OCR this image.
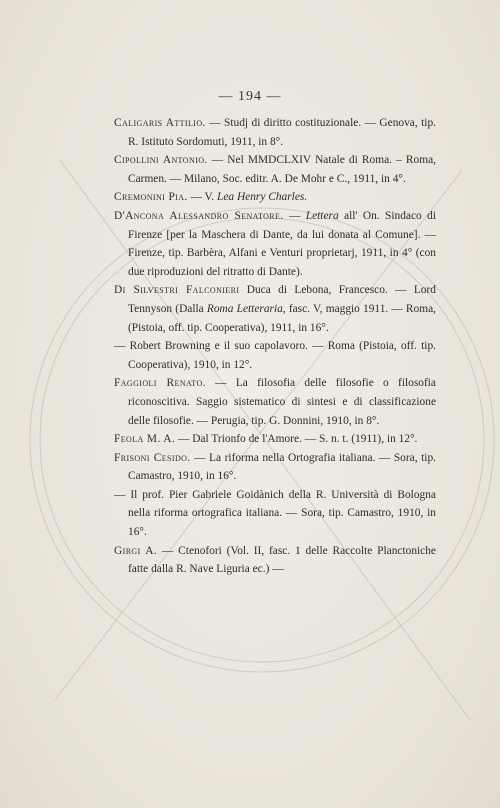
— 194 —

Caligaris Attilio. — Studj di diritto costituzionale. — Genova, tip. R. Istituto Sordomuti, 1911, in 8°.

Cipollini Antonio. — Nel MMDCLXIV Natale di Roma. – Roma, Carmen. — Milano, Soc. editr. A. De Mohr e C., 1911, in 4°.

Cremonini Pia. — V. Lea Henry Charles.

D'Ancona Alessandro Senatore. — Lettera all' On. Sindaco di Firenze [per la Maschera di Dante, da lui donata al Comune]. — Firenze, tip. Barbèra, Alfani e Venturi proprietarj, 1911, in 4° (con due riproduzioni del ritratto di Dante).

Di Silvestri Falconieri Duca di Lebona, Francesco. — Lord Tennyson (Dalla Roma Letteraria, fasc. V, maggio 1911. — Roma, (Pistoia, off. tip. Cooperativa), 1911, in 16°.

— Robert Browning e il suo capolavoro. — Roma (Pistoia, off. tip. Cooperativa), 1910, in 12°.

Faggioli Renato. — La filosofia delle filosofie o filosofia riconoscitiva. Saggio sistematico di sintesi e di classificazione delle filosofie. — Perugia, tip. G. Donnini, 1910, in 8°.

Feola M. A. — Dal Trionfo de l'Amore. — S. n. t. (1911), in 12°.

Frisoni Cesido. — La riforma nella Ortografia italiana. — Sora, tip. Camastro, 1910, in 16°.

— Il prof. Pier Gabriele Goidànich della R. Università di Bologna nella riforma ortografica italiana. — Sora, tip. Camastro, 1910, in 16°.

Girgi A. — Ctenofori (Vol. II, fasc. 1 delle Raccolte Planctoniche fatte dalla R. Nave Liguria ec.) —
